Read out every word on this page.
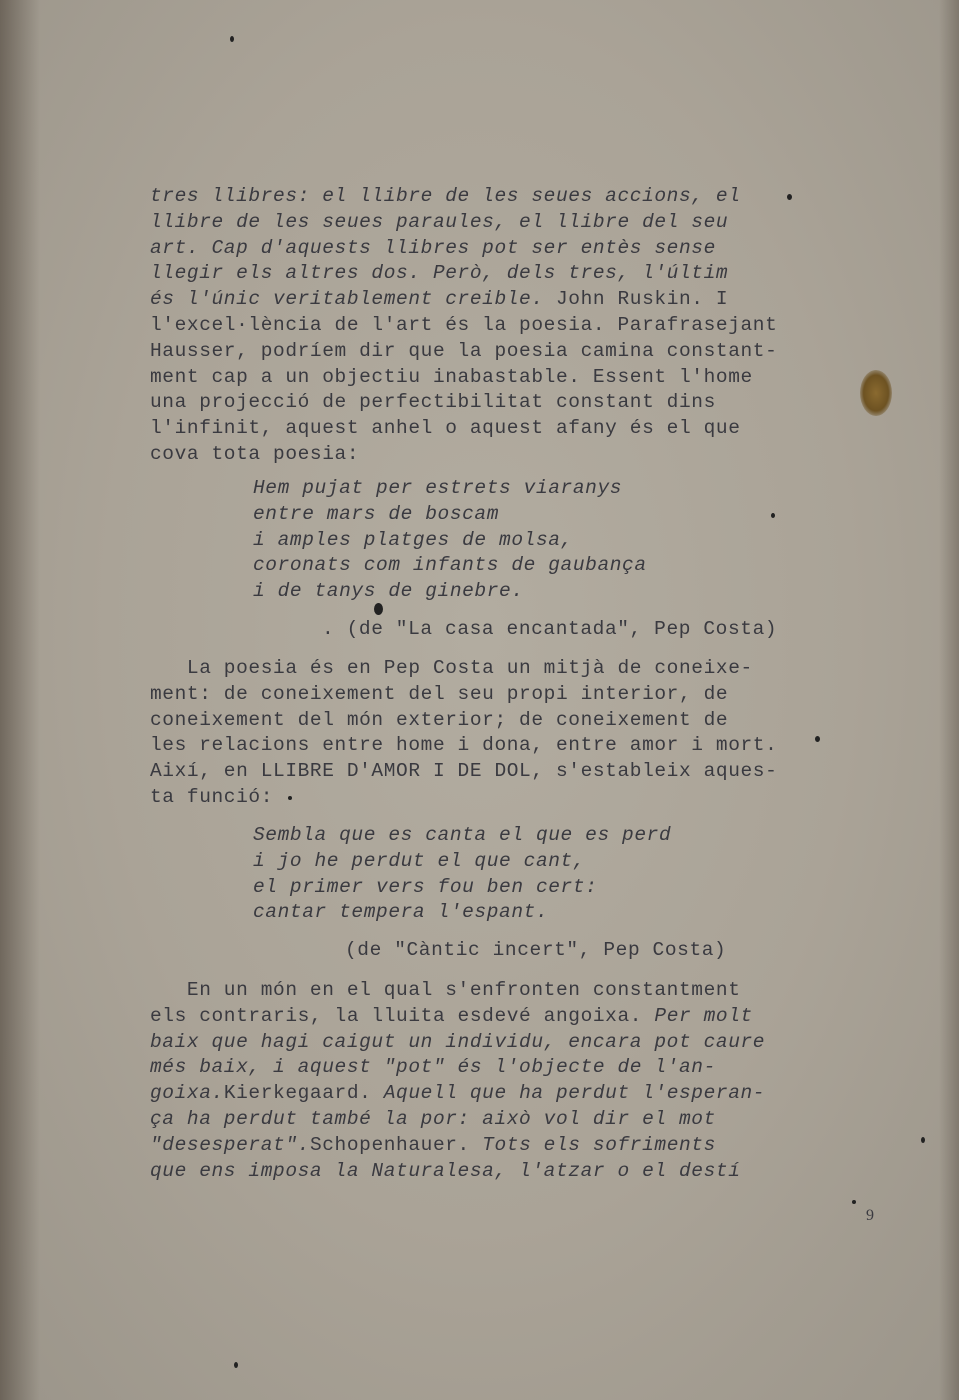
tres llibres: el llibre de les seues accions, el
llibre de les seues paraules, el llibre del seu
art. Cap d'aquests llibres pot ser entès sense
llegir els altres dos. Però, dels tres, l'últim
és l'únic veritablement creible. John Ruskin. I
l'excel·lència de l'art és la poesia. Parafrasejant
Hausser, podríem dir que la poesia camina constant-
ment cap a un objectiu inabastable. Essent l'home
una projecció de perfectibilitat constant dins
l'infinit, aquest anhel o aquest afany és el que
cova tota poesia:
Hem pujat per estrets viaranys
entre mars de boscam
i amples platges de molsa,
coronats com infants de gaubança
i de tanys de ginebre.
. (de "La casa encantada", Pep Costa)
La poesia és en Pep Costa un mitjà de coneixe-
ment: de coneixement del seu propi interior, de
coneixement del món exterior; de coneixement de
les relacions entre home i dona, entre amor i mort.
Així, en LLIBRE D'AMOR I DE DOL, s'estableix aques-
ta funció:
Sembla que es canta el que es perd
i jo he perdut el que cant,
el primer vers fou ben cert:
cantar tempera l'espant.
(de "Càntic incert", Pep Costa)
En un món en el qual s'enfronten constantment
els contraris, la lluita esdevé angoixa. Per molt
baix que hagi caigut un individu, encara pot caure
més baix, i aquest "pot" és l'objecte de l'an-
goixa.Kierkegaard. Aquell que ha perdut l'esperan-
ça ha perdut també la por: això vol dir el mot
"desesperat".Schopenhauer. Tots els sofriments
que ens imposa la Naturalesa, l'atzar o el destí
9
